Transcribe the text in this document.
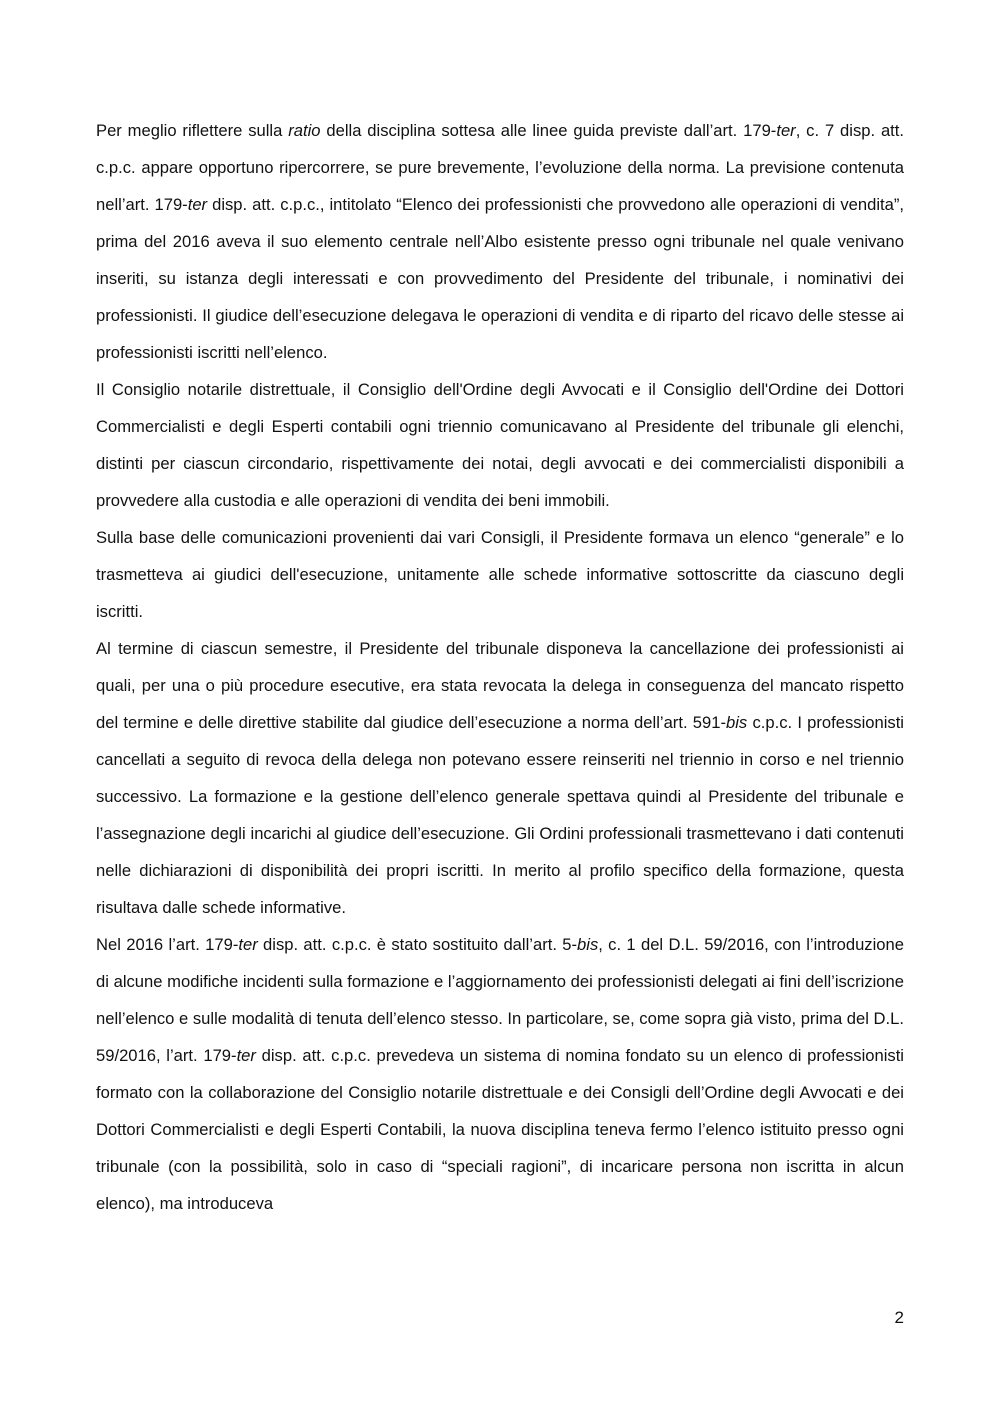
Per meglio riflettere sulla ratio della disciplina sottesa alle linee guida previste dall’art. 179-ter, c. 7 disp. att. c.p.c. appare opportuno ripercorrere, se pure brevemente, l’evoluzione della norma. La previsione contenuta nell’art. 179-ter disp. att. c.p.c., intitolato “Elenco dei professionisti che provvedono alle operazioni di vendita”, prima del 2016 aveva il suo elemento centrale nell’Albo esistente presso ogni tribunale nel quale venivano inseriti, su istanza degli interessati e con provvedimento del Presidente del tribunale, i nominativi dei professionisti. Il giudice dell’esecuzione delegava le operazioni di vendita e di riparto del ricavo delle stesse ai professionisti iscritti nell’elenco.

Il Consiglio notarile distrettuale, il Consiglio dell'Ordine degli Avvocati e il Consiglio dell'Ordine dei Dottori Commercialisti e degli Esperti contabili ogni triennio comunicavano al Presidente del tribunale gli elenchi, distinti per ciascun circondario, rispettivamente dei notai, degli avvocati e dei commercialisti disponibili a provvedere alla custodia e alle operazioni di vendita dei beni immobili.

Sulla base delle comunicazioni provenienti dai vari Consigli, il Presidente formava un elenco “generale” e lo trasmetteva ai giudici dell'esecuzione, unitamente alle schede informative sottoscritte da ciascuno degli iscritti.

Al termine di ciascun semestre, il Presidente del tribunale disponeva la cancellazione dei professionisti ai quali, per una o più procedure esecutive, era stata revocata la delega in conseguenza del mancato rispetto del termine e delle direttive stabilite dal giudice dell’esecuzione a norma dell’art. 591-bis c.p.c. I professionisti cancellati a seguito di revoca della delega non potevano essere reinseriti nel triennio in corso e nel triennio successivo. La formazione e la gestione dell’elenco generale spettava quindi al Presidente del tribunale e l’assegnazione degli incarichi al giudice dell’esecuzione. Gli Ordini professionali trasmettevano i dati contenuti nelle dichiarazioni di disponibilità dei propri iscritti. In merito al profilo specifico della formazione, questa risultava dalle schede informative.

Nel 2016 l’art. 179-ter disp. att. c.p.c. è stato sostituito dall’art. 5-bis, c. 1 del D.L. 59/2016, con l’introduzione di alcune modifiche incidenti sulla formazione e l’aggiornamento dei professionisti delegati ai fini dell’iscrizione nell’elenco e sulle modalità di tenuta dell’elenco stesso. In particolare, se, come sopra già visto, prima del D.L. 59/2016, l’art. 179-ter disp. att. c.p.c. prevedeva un sistema di nomina fondato su un elenco di professionisti formato con la collaborazione del Consiglio notarile distrettuale e dei Consigli dell’Ordine degli Avvocati e dei Dottori Commercialisti e degli Esperti Contabili, la nuova disciplina teneva fermo l’elenco istituito presso ogni tribunale (con la possibilità, solo in caso di “speciali ragioni”, di incaricare persona non iscritta in alcun elenco), ma introduceva

2
